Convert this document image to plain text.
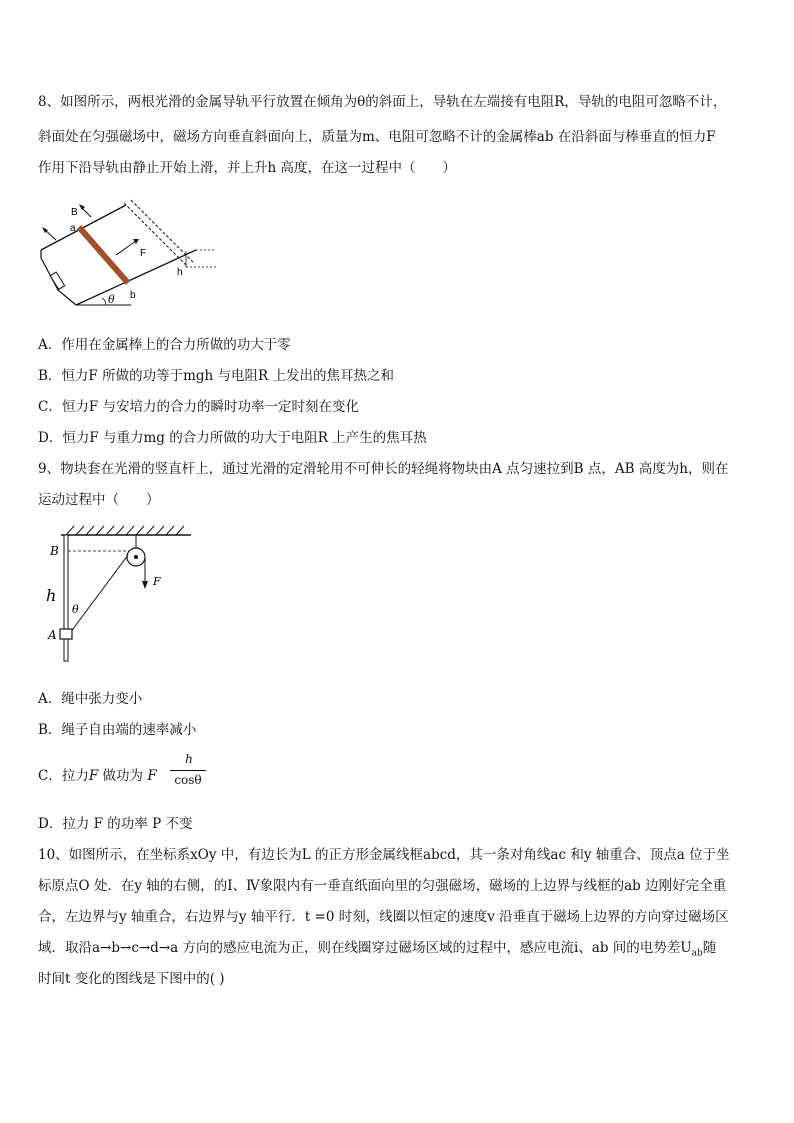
8、如图所示，两根光滑的金属导轨平行放置在倾角为θ的斜面上，导轨在左端接有电阻R，导轨的电阻可忽略不计，
斜面处在匀强磁场中，磁场方向垂直斜面向上，质量为m、电阻可忽略不计的金属棒ab 在沿斜面与棒垂直的恒力F
作用下沿导轨由静止开始上滑，并上升h 高度，在这一过程中（　　）
B
a
b
F
h
θ
A．作用在金属棒上的合力所做的功大于零
B．恒力F 所做的功等于mgh 与电阻R 上发出的焦耳热之和
C．恒力F 与安培力的合力的瞬时功率一定时刻在变化
D．恒力F 与重力mg 的合力所做的功大于电阻R 上产生的焦耳热
9、物块套在光滑的竖直杆上，通过光滑的定滑轮用不可伸长的轻绳将物块由A 点匀速拉到B 点，AB 高度为h，则在
运动过程中（　　）
B
h
θ
A
F
A．绳中张力变小
B．绳子自由端的速率减小
C．拉力F 做功为 F
h
cosθ
D．拉力 F 的功率 P 不变
10、如图所示，在坐标系xOy 中，有边长为L 的正方形金属线框abcd，其一条对角线ac 和y 轴重合、顶点a 位于坐
标原点O 处．在y 轴的右侧，的Ⅰ、Ⅳ象限内有一垂直纸面向里的匀强磁场，磁场的上边界与线框的ab 边刚好完全重
合，左边界与y 轴重合，右边界与y 轴平行．t =0 时刻，线圈以恒定的速度v 沿垂直于磁场上边界的方向穿过磁场区
域．取沿a→b→c→d→a 方向的感应电流为正，则在线圈穿过磁场区域的过程中，感应电流i、ab 间的电势差$U_{ab}$随
时间t 变化的图线是下图中的( )
